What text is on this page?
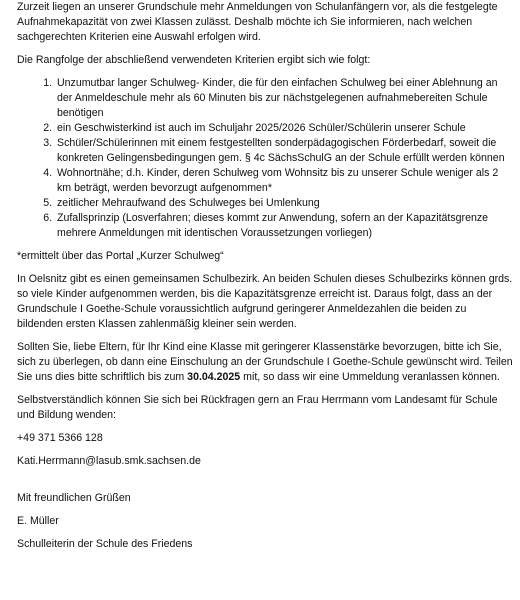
Zurzeit liegen an unserer Grundschule mehr Anmeldungen von Schulanfängern vor, als die festgelegte Aufnahmekapazität von zwei Klassen zulässt. Deshalb möchte ich Sie informieren, nach welchen sachgerechten Kriterien eine Auswahl erfolgen wird.

Die Rangfolge der abschließend verwendeten Kriterien ergibt sich wie folgt:

1. Unzumutbar langer Schulweg- Kinder, die für den einfachen Schulweg bei einer Ablehnung an der Anmeldeschule mehr als 60 Minuten bis zur nächstgelegenen aufnahmebereiten Schule benötigen
2. ein Geschwisterkind ist auch im Schuljahr 2025/2026 Schüler/Schülerin unserer Schule
3. Schüler/Schülerinnen mit einem festgestellten sonderpädagogischen Förderbedarf, soweit die konkreten Gelingensbedingungen gem. § 4c SächsSchulG an der Schule erfüllt werden können
4. Wohnortnähe; d.h. Kinder, deren Schulweg vom Wohnsitz bis zu unserer Schule weniger als 2 km beträgt, werden bevorzugt aufgenommen*
5. zeitlicher Mehraufwand des Schulweges bei Umlenkung
6. Zufallsprinzip (Losverfahren; dieses kommt zur Anwendung, sofern an der Kapazitätsgrenze mehrere Anmeldungen mit identischen Voraussetzungen vorliegen)

*ermittelt über das Portal „Kurzer Schulweg“

In Oelsnitz gibt es einen gemeinsamen Schulbezirk. An beiden Schulen dieses Schulbezirks können grds. so viele Kinder aufgenommen werden, bis die Kapazitätsgrenze erreicht ist. Daraus folgt, dass an der Grundschule I Goethe-Schule voraussichtlich aufgrund geringerer Anmeldezahlen die beiden zu bildenden ersten Klassen zahlenmäßig kleiner sein werden.

Sollten Sie, liebe Eltern, für Ihr Kind eine Klasse mit geringerer Klassenstärke bevorzugen, bitte ich Sie, sich zu überlegen, ob dann eine Einschulung an der Grundschule I Goethe-Schule gewünscht wird. Teilen Sie uns dies bitte schriftlich bis zum 30.04.2025 mit, so dass wir eine Ummeldung veranlassen können.

Selbstverständlich können Sie sich bei Rückfragen gern an Frau Herrmann vom Landesamt für Schule und Bildung wenden:

+49 371 5366 128

Kati.Herrmann@lasub.smk.sachsen.de

Mit freundlichen Grüßen

E. Müller

Schulleiterin der Schule des Friedens
